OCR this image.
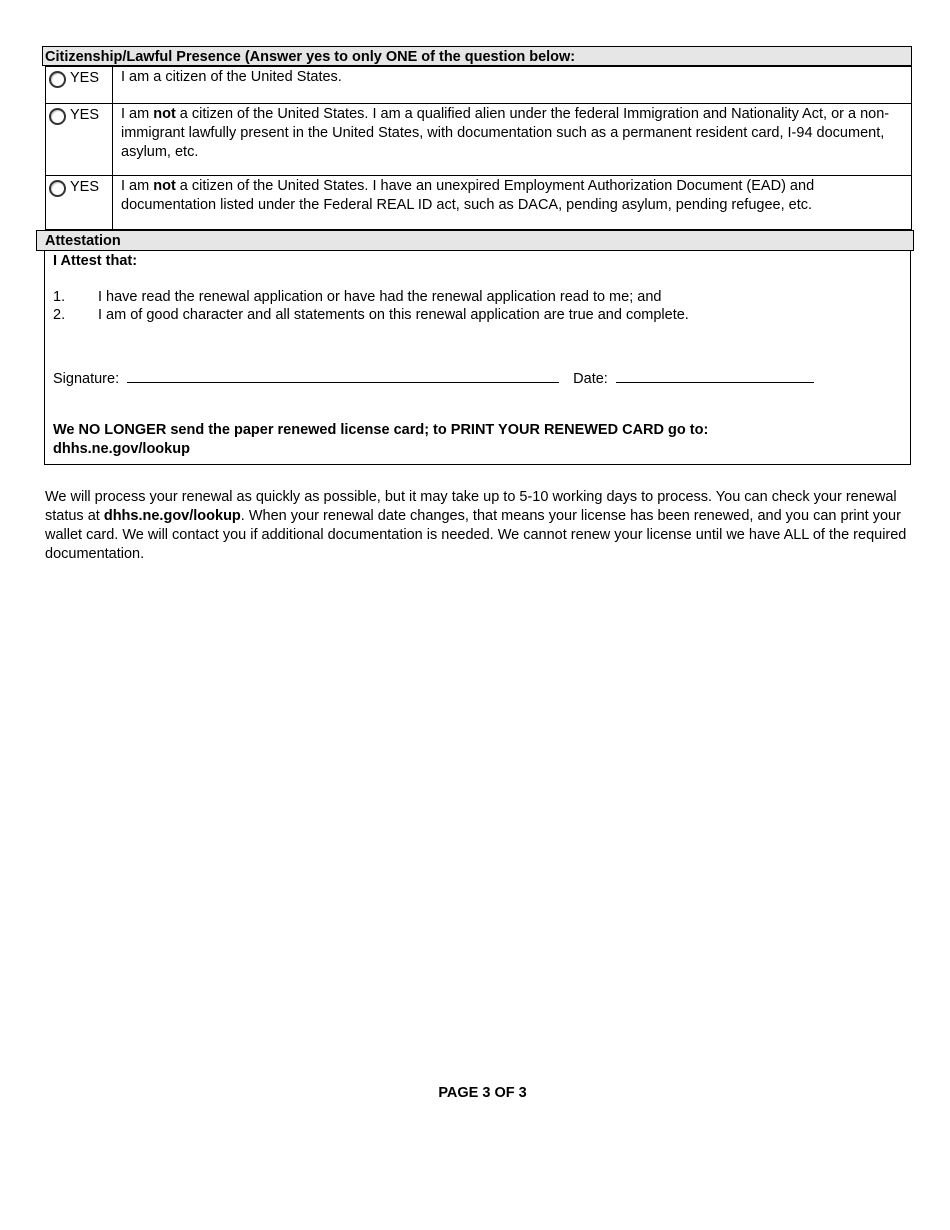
Citizenship/Lawful Presence (Answer yes to only ONE of the question below:
YES	I am a citizen of the United States.

YES	I am not a citizen of the United States. I am a qualified alien under the federal Immigration and Nationality Act, or a non- immigrant lawfully present in the United States, with documentation such as a permanent resident card, I-94 document, asylum, etc.

YES	I am not a citizen of the United States. I have an unexpired Employment Authorization Document (EAD) and documentation listed under the Federal REAL ID act, such as DACA, pending asylum, pending refugee, etc.
Attestation
I Attest that:
1.	I have read the renewal application or have had the renewal application read to me; and
2.	I am of good character and all statements on this renewal application are true and complete.
Signature:	Date:
We NO LONGER send the paper renewed license card; to PRINT YOUR RENEWED CARD go to:
dhhs.ne.gov/lookup
We will process your renewal as quickly as possible, but it may take up to 5-10 working days to process. You can check your renewal status at dhhs.ne.gov/lookup. When your renewal date changes, that means your license has been renewed, and you can print your wallet card. We will contact you if additional documentation is needed. We cannot renew your license until we have ALL of the required documentation.
PAGE 3 OF 3
